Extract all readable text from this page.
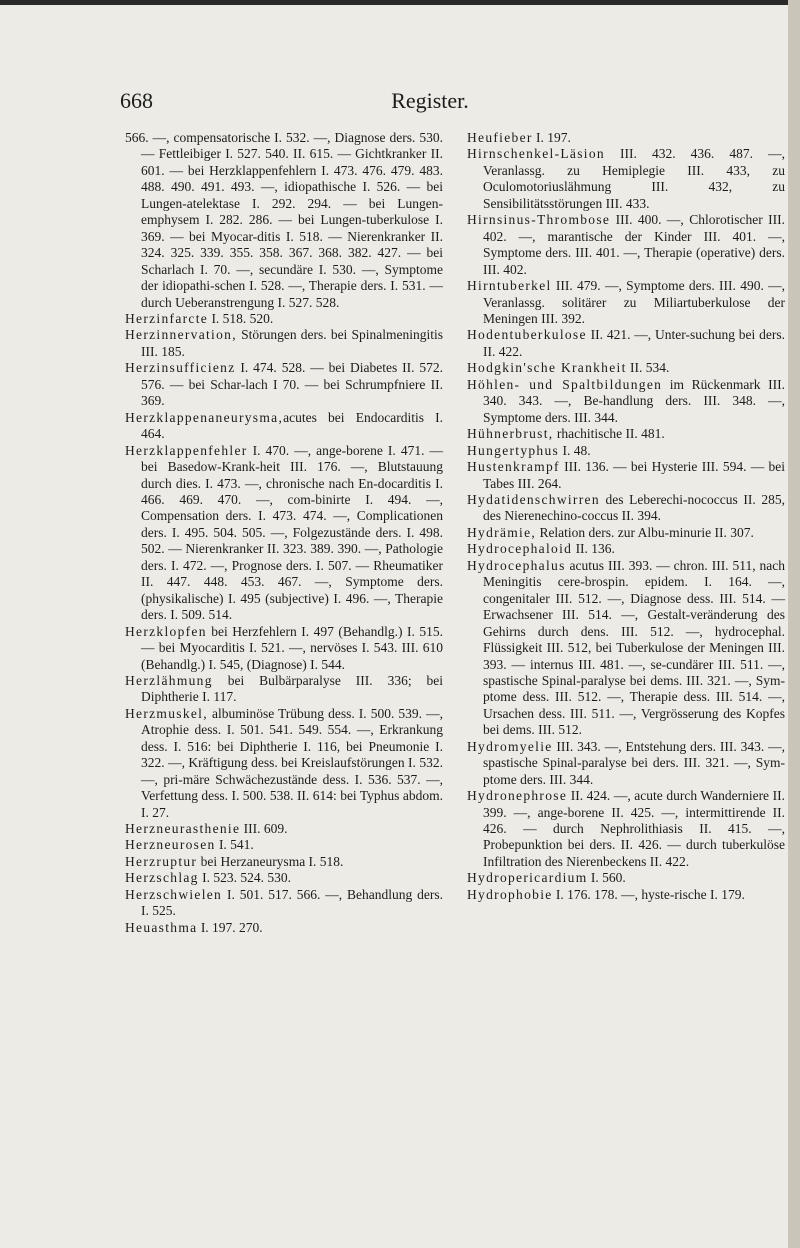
668	Register.

566. —, compensatorische I. 532. —, Diagnose ders. 530. — Fettleibiger I. 527. 540. II. 615. — Gichtkranker II. 601. — bei Herzklappenfehlern I. 473. 476. 479. 483. 488. 490. 491. 493. —, idiopathische I. 526. — bei Lungen-atelektase I. 292. 294. — bei Lungen-emphysem I. 282. 286. — bei Lungen-tuberkulose I. 369. — bei Myocar-ditis I. 518. — Nierenkranker II. 324. 325. 339. 355. 358. 367. 368. 382. 427. — bei Scharlach I. 70. —, secundäre I. 530. —, Symptome der idiopathi-schen I. 528. —, Therapie ders. I. 531. — durch Ueberanstrengung I. 527. 528.

Herzinfarcte I. 518. 520.

Herzinnervation, Störungen ders. bei Spinalmeningitis III. 185.

Herzinsufficienz I. 474. 528. — bei Diabetes II. 572. 576. — bei Schar-lach I 70. — bei Schrumpfniere II. 369.

Herzklappenaneurysma,acutes bei Endocarditis I. 464.

Herzklappenfehler I. 470. —, ange-borene I. 471. — bei Basedow-Krank-heit III. 176. —, Blutstauung durch dies. I. 473. —, chronische nach En-docarditis I. 466. 469. 470. —, com-binirte I. 494. —, Compensation ders. I. 473. 474. —, Complicationen ders. I. 495. 504. 505. —, Folgezustände ders. I. 498. 502. — Nierenkranker II. 323. 389. 390. —, Pathologie ders. I. 472. —, Prognose ders. I. 507. — Rheumatiker II. 447. 448. 453. 467. —, Symptome ders. (physikalische) I. 495 (subjective) I. 496. —, Therapie ders. I. 509. 514.

Herzklopfen bei Herzfehlern I. 497 (Behandlg.) I. 515. — bei Myocarditis I. 521. —, nervöses I. 543. III. 610 (Behandlg.) I. 545, (Diagnose) I. 544.

Herzlähmung bei Bulbärparalyse III. 336; bei Diphtherie I. 117.

Herzmuskel, albuminöse Trübung dess. I. 500. 539. —, Atrophie dess. I. 501. 541. 549. 554. —, Erkrankung dess. I. 516: bei Diphtherie I. 116, bei Pneumonie I. 322. —, Kräftigung dess. bei Kreislaufstörungen I. 532. —, pri-märe Schwächezustände dess. I. 536. 537. —, Verfettung dess. I. 500. 538. II. 614: bei Typhus abdom. I. 27.

Herzneurasthenie III. 609.

Herzneurosen I. 541.

Herzruptur bei Herzaneurysma I. 518.

Herzschlag I. 523. 524. 530.

Herzschwielen I. 501. 517. 566. —, Behandlung ders. I. 525.

Heuasthma I. 197. 270.

Heufieber I. 197.

Hirnschenkel-Läsion III. 432. 436. 487. —, Veranlassg. zu Hemiplegie III. 433, zu Oculomotoriuslähmung III. 432, zu Sensibilitätsstörungen III. 433.

Hirnsinus-Thrombose III. 400. —, Chlorotischer III. 402. —, marantische der Kinder III. 401. —, Symptome ders. III. 401. —, Therapie (operative) ders. III. 402.

Hirntuberkel III. 479. —, Symptome ders. III. 490. —, Veranlassg. solitärer zu Miliartuberkulose der Meningen III. 392.

Hodentuberkulose II. 421. —, Unter-suchung bei ders. II. 422.

Hodgkin'sche Krankheit II. 534.

Höhlen- und Spaltbildungen im Rückenmark III. 340. 343. —, Be-handlung ders. III. 348. —, Symptome ders. III. 344.

Hühnerbrust, rhachitische II. 481.

Hungertyphus I. 48.

Hustenkrampf III. 136. — bei Hysterie III. 594. — bei Tabes III. 264.

Hydatidenschwirren des Leberechi-nococcus II. 285, des Nierenechino-coccus II. 394.

Hydrämie, Relation ders. zur Albu-minurie II. 307.

Hydrocephaloid II. 136.

Hydrocephalus acutus III. 393. — chron. III. 511, nach Meningitis cere-brospin. epidem. I. 164. —, congenitaler III. 512. —, Diagnose dess. III. 514. — Erwachsener III. 514. —, Gestalt-veränderung des Gehirns durch dens. III. 512. —, hydrocephal. Flüssigkeit III. 512, bei Tuberkulose der Meningen III. 393. — internus III. 481. —, se-cundärer III. 511. —, spastische Spinal-paralyse bei dems. III. 321. —, Sym-ptome dess. III. 512. —, Therapie dess. III. 514. —, Ursachen dess. III. 511. —, Vergrösserung des Kopfes bei dems. III. 512.

Hydromyelie III. 343. —, Entstehung ders. III. 343. —, spastische Spinal-paralyse bei ders. III. 321. —, Sym-ptome ders. III. 344.

Hydronephrose II. 424. —, acute durch Wanderniere II. 399. —, ange-borene II. 425. —, intermittirende II. 426. — durch Nephrolithiasis II. 415. —, Probepunktion bei ders. II. 426. — durch tuberkulöse Infiltration des Nierenbeckens II. 422.

Hydropericardium I. 560.

Hydrophobie I. 176. 178. —, hyste-rische I. 179.
